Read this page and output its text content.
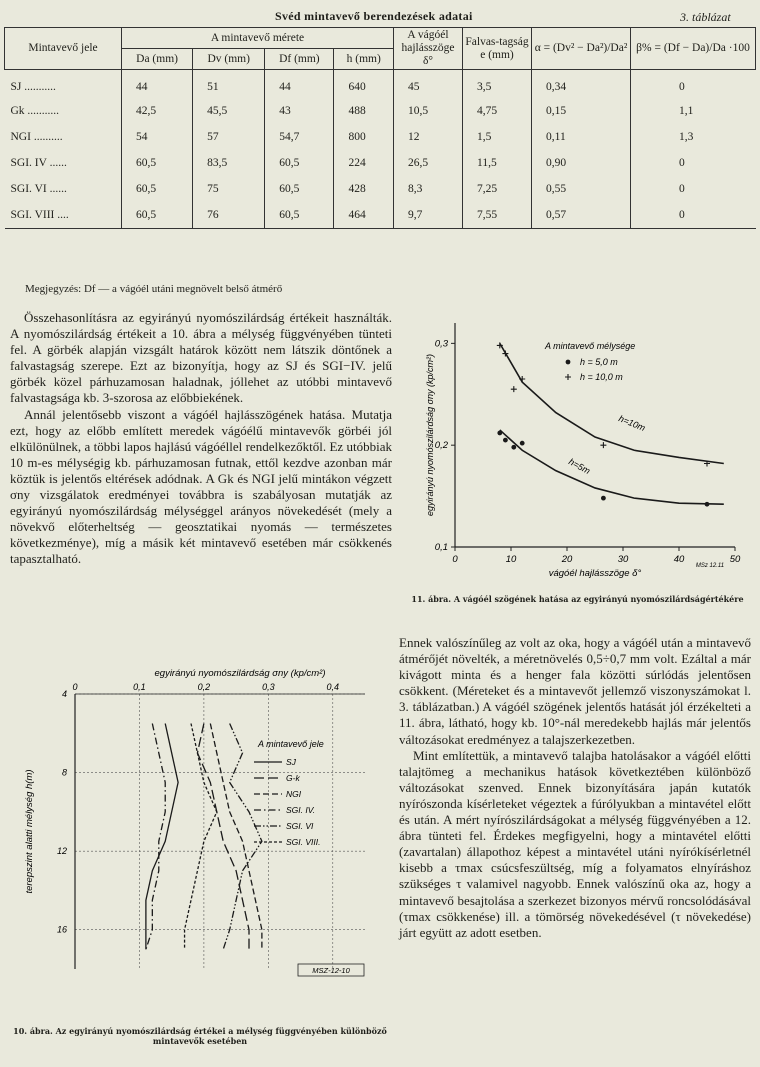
Svéd mintavevő berendezések adatai	3. táblázat
Mintavevő jele	A mintavevő mérete				A vágóél hajlásszöge δ°	Falvas-tagság e (mm)	α = (Dv² − Da²)/Da²	β% = (Df − Da)/Da ·100
	Da (mm)	Dv (mm)	Df (mm)	h (mm)				
SJ ...........	44	51	44	640	45	3,5	0,34	0
Gk ...........	42,5	45,5	43	488	10,5	4,75	0,15	1,1
NGI ..........	54	57	54,7	800	12	1,5	0,11	1,3
SGI. IV ......	60,5	83,5	60,5	224	26,5	11,5	0,90	0
SGI. VI ......	60,5	75	60,5	428	8,3	7,25	0,55	0
SGI. VIII ....	60,5	76	60,5	464	9,7	7,55	0,57	0
Megjegyzés: Df — a vágóél utáni megnövelt belső átmérő

Összehasonlításra az egyirányú nyomószilárdság értékeit használták. A nyomószilárdság értékeit a 10. ábra a mélység függvényében tünteti fel. A görbék alapján vizsgált határok között nem látszik döntőnek a falvastagság szerepe. Ezt az bizonyítja, hogy az SJ és SGI−IV. jelű görbék közel párhuzamosan haladnak, jóllehet az utóbbi mintavevő falvastagsága kb. 3-szorosa az előbbiekének.

Annál jelentősebb viszont a vágóél hajlásszögének hatása. Mutatja ezt, hogy az előbb említett meredek vágóélű mintavevők görbéi jól elkülönülnek, a többi lapos hajlású vágóéllel rendelkezőktől. Ez utóbbiak 10 m-es mélységig kb. párhuzamosan futnak, ettől kezdve azonban már köztük is jelentős eltérések adódnak. A Gk és NGI jelű mintákon végzett σny vizsgálatok eredményei továbbra is szabályosan mutatják az egyirányú nyomószilárdság mélységgel arányos növekedését (mely a növekvő előterheltség — geosztatikai nyomás — természetes következménye), míg a másik két mintavevő esetében már csökkenés tapasztalható.

egyirányú nyomószilárdság σny (kp/cm²)
0	0,1	0,2	0,3	0,4
4
8
12
16
terepszint alatti mélység h(m)
SJ
G-k
NGI
SGI. IV.
SGI. VI
SGI. VIII.
A mintavevő jele
MSZ-12-10
10. ábra. Az egyirányú nyomószilárdság értékei a mélység függvényében különböző mintavevők esetében
0	10	20	30	40	50
0,1
0,2
0,3
vágóél hajlásszöge δ°
egyirányú nyomószilárdság σny (kp/cm²)
A mintavevő mélysége
h = 5,0 m
h = 10,0 m
h=10m
h=5m
MSz 12.11
11. ábra. A vágóél szögének hatása az egyirányú nyomószilárdságértékére

Ennek valószínűleg az volt az oka, hogy a vágóél után a mintavevő átmérőjét növelték, a méretnövelés 0,5÷0,7 mm volt. Ezáltal a már kivágott minta és a henger fala közötti súrlódás jelentősen csökkent. (Méreteket és a mintavevőt jellemző viszonyszámokat l. 3. táblázatban.) A vágóél szögének jelentős hatását jól érzékelteti a 11. ábra, látható, hogy kb. 10°-nál meredekebb hajlás már jelentős változásokat eredményez a talajszerkezetben.

Mint említettük, a mintavevő talajba hatolásakor a vágóél előtti talajtömeg a mechanikus hatások következtében különböző változásokat szenved. Ennek bizonyítására japán kutatók nyírószonda kísérleteket végeztek a fúrólyukban a mintavétel előtt és után. A mért nyírószilárdságokat a mélység függvényében a 12. ábra tünteti fel. Érdekes megfigyelni, hogy a mintavétel előtti (zavartalan) állapothoz képest a mintavétel utáni nyírókísérletnél kisebb a τmax csúcsfeszültség, míg a folyamatos elnyíráshoz szükséges τ valamivel nagyobb. Ennek valószínű oka az, hogy a mintavevő besajtolása a szerkezet bizonyos mérvű roncsolódásával (τmax csökkenése) ill. a tömörség növekedésével (τ növekedése) járt együtt az adott esetben.
